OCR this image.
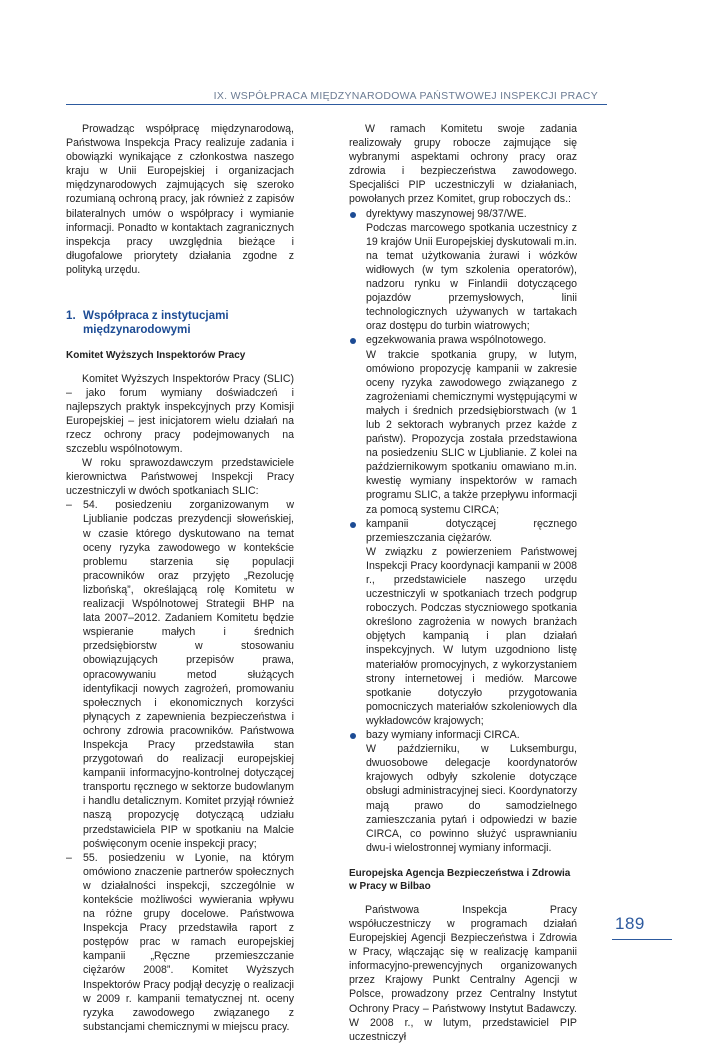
IX. WSPÓŁPRACA MIĘDZYNARODOWA PAŃSTWOWEJ INSPEKCJI PRACY

Prowadząc współpracę międzynarodową, Państwowa Inspekcja Pracy realizuje zadania i obowiązki wynikające z członkostwa naszego kraju w Unii Europejskiej i organizacjach międzynarodowych zajmujących się szeroko rozumianą ochroną pracy, jak również z zapisów bilateralnych umów o współpracy i wymianie informacji. Ponadto w kontaktach zagranicznych inspekcja pracy uwzględnia bieżące i długofalowe priorytety działania zgodne z polityką urzędu.

1. Współpraca z instytucjami międzynarodowymi
Komitet Wyższych Inspektorów Pracy

Komitet Wyższych Inspektorów Pracy (SLIC) – jako forum wymiany doświadczeń i najlepszych praktyk inspekcyjnych przy Komisji Europejskiej – jest inicjatorem wielu działań na rzecz ochrony pracy podejmowanych na szczeblu wspólnotowym.

W roku sprawozdawczym przedstawiciele kierownictwa Państwowej Inspekcji Pracy uczestniczyli w dwóch spotkaniach SLIC:

– 54. posiedzeniu zorganizowanym w Ljublianie podczas prezydencji słoweńskiej, w czasie którego dyskutowano na temat oceny ryzyka zawodowego w kontekście problemu starzenia się populacji pracowników oraz przyjęto „Rezolucję lizbońską”, określającą rolę Komitetu w realizacji Wspólnotowej Strategii BHP na lata 2007–2012. Zadaniem Komitetu będzie wspieranie małych i średnich przedsiębiorstw w stosowaniu obowiązujących przepisów prawa, opracowywaniu metod służących identyfikacji nowych zagrożeń, promowaniu społecznych i ekonomicznych korzyści płynących z zapewnienia bezpieczeństwa i ochrony zdrowia pracowników. Państwowa Inspekcja Pracy przedstawiła stan przygotowań do realizacji europejskiej kampanii informacyjno-kontrolnej dotyczącej transportu ręcznego w sektorze budowlanym i handlu detalicznym. Komitet przyjął również naszą propozycję dotyczącą udziału przedstawiciela PIP w spotkaniu na Malcie poświęconym ocenie inspekcji pracy;
– 55. posiedzeniu w Lyonie, na którym omówiono znaczenie partnerów społecznych w działalności inspekcji, szczególnie w kontekście możliwości wywierania wpływu na różne grupy docelowe. Państwowa Inspekcja Pracy przedstawiła raport z postępów prac w ramach europejskiej kampanii „Ręczne przemieszczanie ciężarów 2008”. Komitet Wyższych Inspektorów Pracy podjął decyzję o realizacji w 2009 r. kampanii tematycznej nt. oceny ryzyka zawodowego związanego z substancjami chemicznymi w miejscu pracy.

W ramach Komitetu swoje zadania realizowały grupy robocze zajmujące się wybranymi aspektami ochrony pracy oraz zdrowia i bezpieczeństwa zawodowego. Specjaliści PIP uczestniczyli w działaniach, powołanych przez Komitet, grup roboczych ds.:

dyrektywy maszynowej 98/37/WE.
Podczas marcowego spotkania uczestnicy z 19 krajów Unii Europejskiej dyskutowali m.in. na temat użytkowania żurawi i wózków widłowych (w tym szkolenia operatorów), nadzoru rynku w Finlandii dotyczącego pojazdów przemysłowych, linii technologicznych używanych w tartakach oraz dostępu do turbin wiatrowych;
egzekwowania prawa wspólnotowego.
W trakcie spotkania grupy, w lutym, omówiono propozycję kampanii w zakresie oceny ryzyka zawodowego związanego z zagrożeniami chemicznymi występującymi w małych i średnich przedsiębiorstwach (w 1 lub 2 sektorach wybranych przez każde z państw). Propozycja została przedstawiona na posiedzeniu SLIC w Ljublianie. Z kolei na październikowym spotkaniu omawiano m.in. kwestię wymiany inspektorów w ramach programu SLIC, a także przepływu informacji za pomocą systemu CIRCA;
kampanii dotyczącej ręcznego przemieszczania ciężarów.
W związku z powierzeniem Państwowej Inspekcji Pracy koordynacji kampanii w 2008 r., przedstawiciele naszego urzędu uczestniczyli w spotkaniach trzech podgrup roboczych. Podczas styczniowego spotkania określono zagrożenia w nowych branżach objętych kampanią i plan działań inspekcyjnych. W lutym uzgodniono listę materiałów promocyjnych, z wykorzystaniem strony internetowej i mediów. Marcowe spotkanie dotyczyło przygotowania pomocniczych materiałów szkoleniowych dla wykładowców krajowych;
bazy wymiany informacji CIRCA.
W październiku, w Luksemburgu, dwuosobowe delegacje koordynatorów krajowych odbyły szkolenie dotyczące obsługi administracyjnej sieci. Koordynatorzy mają prawo do samodzielnego zamieszczania pytań i odpowiedzi w bazie CIRCA, co powinno służyć usprawnianiu dwu-i wielostronnej wymiany informacji.
Europejska Agencja Bezpieczeństwa i Zdrowia w Pracy w Bilbao

Państwowa Inspekcja Pracy współuczestniczy w programach działań Europejskiej Agencji Bezpieczeństwa i Zdrowia w Pracy, włączając się w realizację kampanii informacyjno-prewencyjnych organizowanych przez Krajowy Punkt Centralny Agencji w Polsce, prowadzony przez Centralny Instytut Ochrony Pracy – Państwowy Instytut Badawczy. W 2008 r., w lutym, przedstawiciel PIP uczestniczył

189
